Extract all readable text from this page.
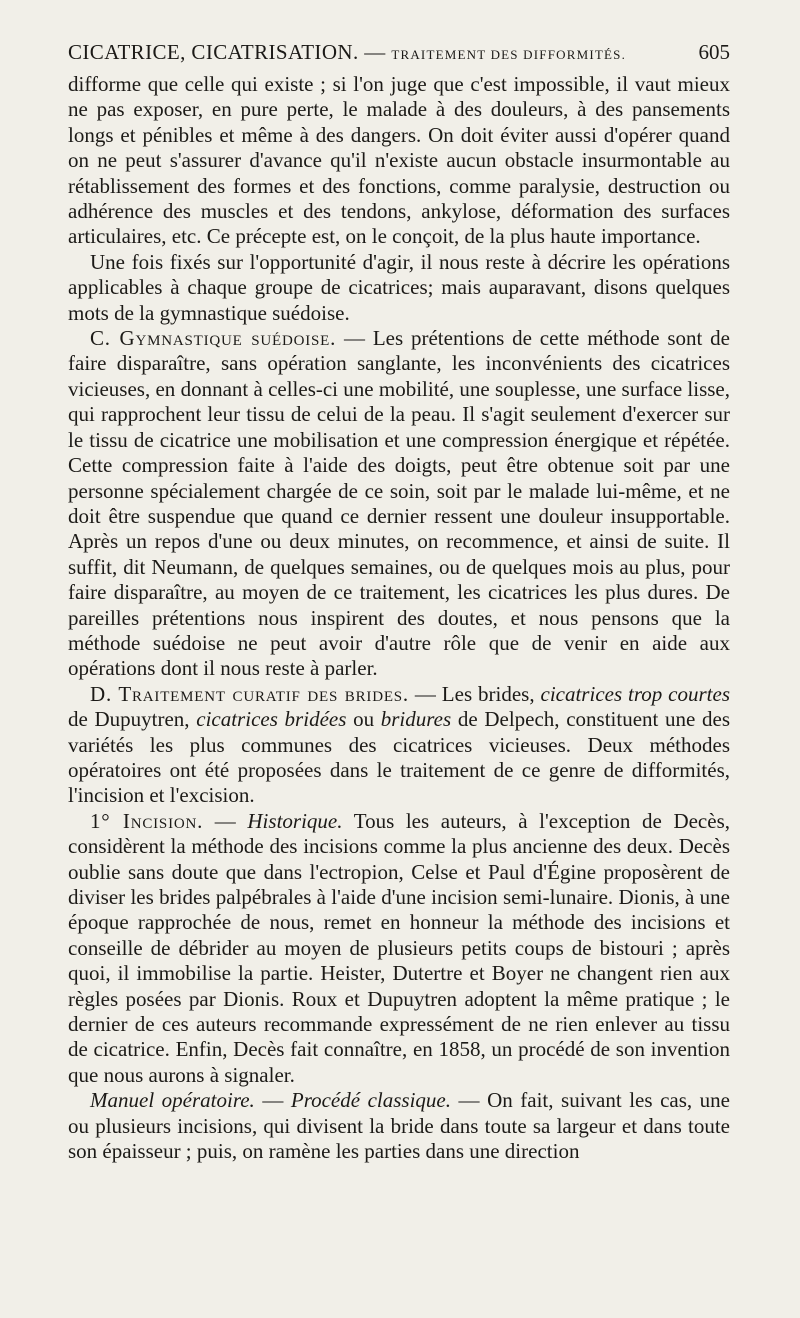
CICATRICE, CICATRISATION. — TRAITEMENT DES DIFFORMITÉS.	605

difforme que celle qui existe ; si l'on juge que c'est impossible, il vaut mieux ne pas exposer, en pure perte, le malade à des douleurs, à des pansements longs et pénibles et même à des dangers. On doit éviter aussi d'opérer quand on ne peut s'assurer d'avance qu'il n'existe aucun obstacle insurmontable au rétablissement des formes et des fonctions, comme paralysie, destruction ou adhérence des muscles et des tendons, ankylose, déformation des surfaces articulaires, etc. Ce précepte est, on le conçoit, de la plus haute importance.

Une fois fixés sur l'opportunité d'agir, il nous reste à décrire les opérations applicables à chaque groupe de cicatrices; mais auparavant, disons quelques mots de la gymnastique suédoise.

C. Gymnastique suédoise. — Les prétentions de cette méthode sont de faire disparaître, sans opération sanglante, les inconvénients des cicatrices vicieuses, en donnant à celles-ci une mobilité, une souplesse, une surface lisse, qui rapprochent leur tissu de celui de la peau. Il s'agit seulement d'exercer sur le tissu de cicatrice une mobilisation et une compression énergique et répétée. Cette compression faite à l'aide des doigts, peut être obtenue soit par une personne spécialement chargée de ce soin, soit par le malade lui-même, et ne doit être suspendue que quand ce dernier ressent une douleur insupportable. Après un repos d'une ou deux minutes, on recommence, et ainsi de suite. Il suffit, dit Neumann, de quelques semaines, ou de quelques mois au plus, pour faire disparaître, au moyen de ce traitement, les cicatrices les plus dures. De pareilles prétentions nous inspirent des doutes, et nous pensons que la méthode suédoise ne peut avoir d'autre rôle que de venir en aide aux opérations dont il nous reste à parler.

D. Traitement curatif des brides. — Les brides, cicatrices trop courtes de Dupuytren, cicatrices bridées ou bridures de Delpech, constituent une des variétés les plus communes des cicatrices vicieuses. Deux méthodes opératoires ont été proposées dans le traitement de ce genre de difformités, l'incision et l'excision.

1° Incision. — Historique. Tous les auteurs, à l'exception de Decès, considèrent la méthode des incisions comme la plus ancienne des deux. Decès oublie sans doute que dans l'ectropion, Celse et Paul d'Égine proposèrent de diviser les brides palpébrales à l'aide d'une incision semi-lunaire. Dionis, à une époque rapprochée de nous, remet en honneur la méthode des incisions et conseille de débrider au moyen de plusieurs petits coups de bistouri ; après quoi, il immobilise la partie. Heister, Dutertre et Boyer ne changent rien aux règles posées par Dionis. Roux et Dupuytren adoptent la même pratique ; le dernier de ces auteurs recommande expressément de ne rien enlever au tissu de cicatrice. Enfin, Decès fait connaître, en 1858, un procédé de son invention que nous aurons à signaler.

Manuel opératoire. — Procédé classique. — On fait, suivant les cas, une ou plusieurs incisions, qui divisent la bride dans toute sa largeur et dans toute son épaisseur ; puis, on ramène les parties dans une direction
